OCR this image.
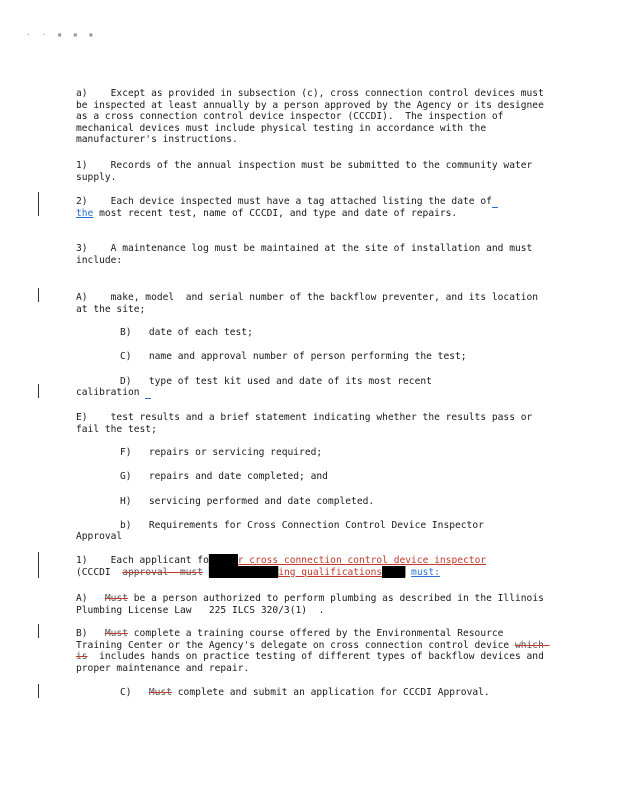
· · ▪ ▪ ▪
a)    Except as provided in subsection (c), cross connection control devices must be inspected at least annually by a person approved by the Agency or its designee as a cross connection control device inspector (CCCDI).  The inspection of mechanical devices must include physical testing in accordance with the manufacturer's instructions.
1)    Records of the annual inspection must be submitted to the community water supply.
2)    Each device inspected must have a tag attached listing the date of
the most recent test, name of CCCDI, and type and date of repairs.
3)    A maintenance log must be maintained at the site of installation and must include:
A)    make, model  and serial number of the backflow preventer, and its location at the site;
B)   date of each test;
C)   name and approval number of person performing the test;
D)   type of test kit used and date of its most recent
calibration
E)    test results and a brief statement indicating whether the results pass or fail the test;
F)   repairs or servicing required;
G)   repairs and date completed; and
H)   servicing performed and date completed.
b)   Requirements for Cross Connection Control Device Inspector
Approval
1)    Each applicant fo█████r cross connection control device inspector
(CCCDI  approval  must ████████████ing qualifications████ must:
A)   Must be a person authorized to perform plumbing as described in the Illinois Plumbing License Law   225 ILCS 320/3(1)  .
B)   Must complete a training course offered by the Environmental Resource Training Center or the Agency's delegate on cross connection control device which is  includes hands on practice testing of different types of backflow devices and proper maintenance and repair.
C)   Must complete and submit an application for CCCDI Approval.
